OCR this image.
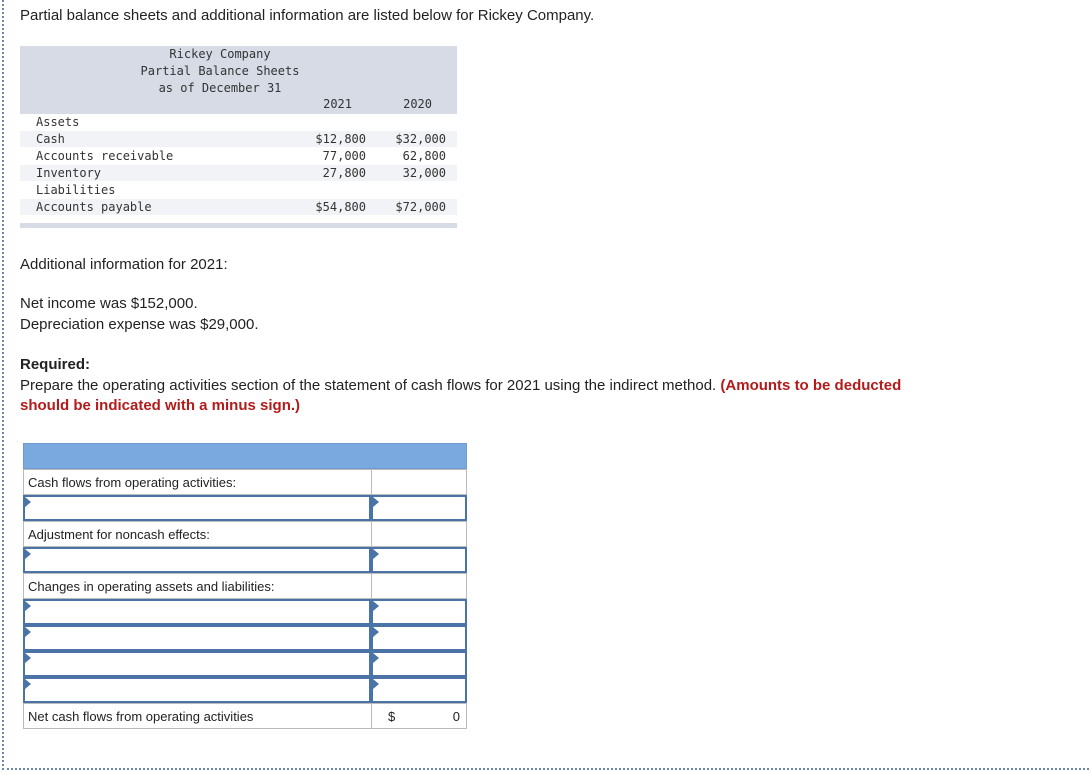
Partial balance sheets and additional information are listed below for Rickey Company.
Rickey Company
Partial Balance Sheets
as of December 31
2021	2020
Assets
Cash	$12,800	$32,000
Accounts receivable	77,000	62,800
Inventory	27,800	32,000
Liabilities
Accounts payable	$54,800	$72,000
Additional information for 2021:
Net income was $152,000.
Depreciation expense was $29,000.
Required:
Prepare the operating activities section of the statement of cash flows for 2021 using the indirect method. (Amounts to be deducted
should be indicated with a minus sign.)
Cash flows from operating activities:
Adjustment for noncash effects:
Changes in operating assets and liabilities:
Net cash flows from operating activities	$	0
